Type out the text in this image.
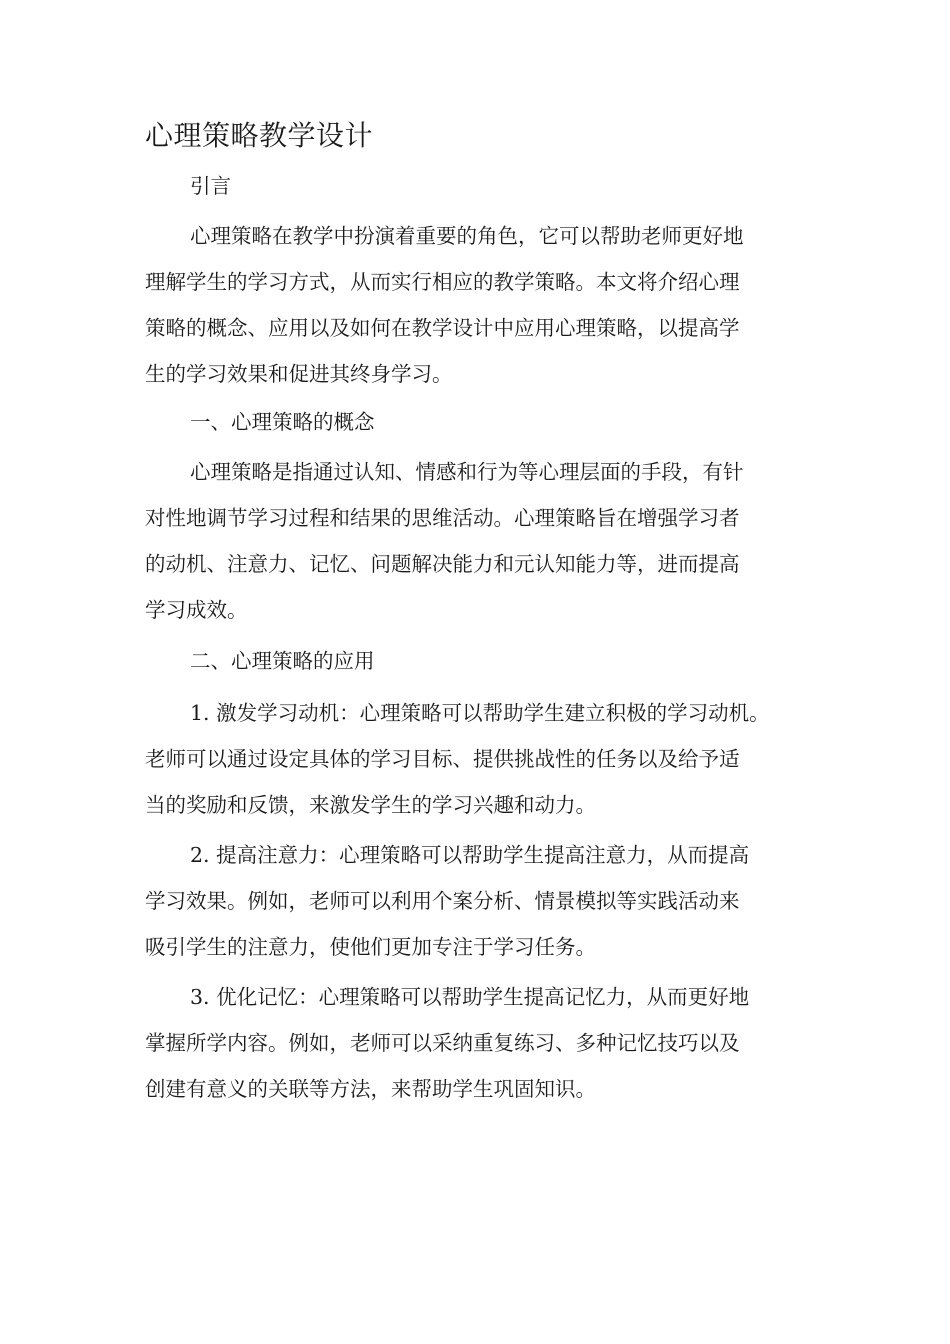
心理策略教学设计

引言

心理策略在教学中扮演着重要的角色，它可以帮助老师更好地
理解学生的学习方式，从而实行相应的教学策略。本文将介绍心理
策略的概念、应用以及如何在教学设计中应用心理策略，以提高学
生的学习效果和促进其终身学习。

一、心理策略的概念

心理策略是指通过认知、情感和行为等心理层面的手段，有针
对性地调节学习过程和结果的思维活动。心理策略旨在增强学习者
的动机、注意力、记忆、问题解决能力和元认知能力等，进而提高
学习成效。

二、心理策略的应用

1. 激发学习动机：心理策略可以帮助学生建立积极的学习动机。
老师可以通过设定具体的学习目标、提供挑战性的任务以及给予适
当的奖励和反馈，来激发学生的学习兴趣和动力。

2. 提高注意力：心理策略可以帮助学生提高注意力，从而提高
学习效果。例如，老师可以利用个案分析、情景模拟等实践活动来
吸引学生的注意力，使他们更加专注于学习任务。

3. 优化记忆：心理策略可以帮助学生提高记忆力，从而更好地
掌握所学内容。例如，老师可以采纳重复练习、多种记忆技巧以及
创建有意义的关联等方法，来帮助学生巩固知识。
